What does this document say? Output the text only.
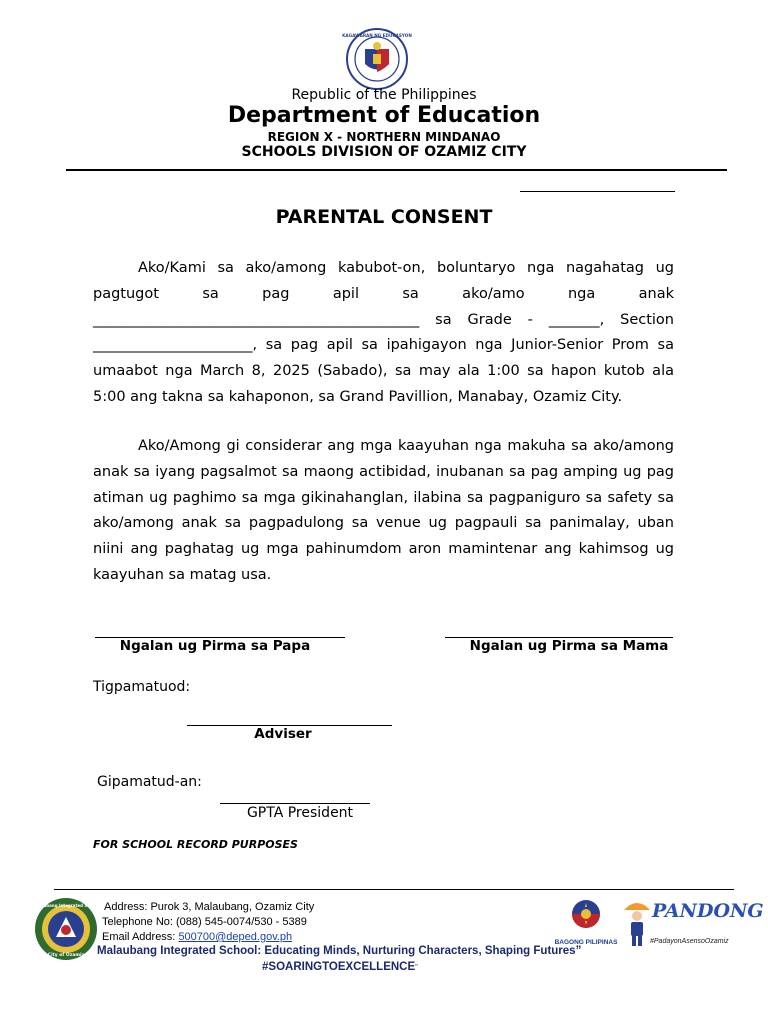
KAGAWARAN NG EDUKASYON
Republic of the Philippines
Department of Education
REGION X - NORTHERN MINDANAO
SCHOOLS DIVISION OF OZAMIZ CITY
PARENTAL CONSENT
Ako/Kami sa ako/among kabubot-on, boluntaryo nga nagahatag ug pagtugot sa pag apil sa ako/amo nga anak _____________________________________________ sa Grade - _______, Section ______________________, sa pag apil sa ipahigayon nga Junior-Senior Prom sa umaabot nga March 8, 2025 (Sabado), sa may ala 1:00 sa hapon kutob ala 5:00 ang takna sa kahaponon, sa Grand Pavillion, Manabay, Ozamiz City.
Ako/Among gi considerar ang mga kaayuhan nga makuha sa ako/among anak sa iyang pagsalmot sa maong actibidad, inubanan sa pag amping ug pag atiman ug paghimo sa mga gikinahanglan, ilabina sa pagpaniguro sa safety sa ako/among anak sa pagpadulong sa venue ug pagpauli sa panimalay, uban niini ang paghatag ug mga pahinumdom aron mamintenar ang kahimsog ug kaayuhan sa matag usa.
Ngalan ug Pirma sa Papa	Ngalan ug Pirma sa Mama
Tigpamatuod:
Adviser
Gipamatud-an:
GPTA President
FOR SCHOOL RECORD PURPOSES
Malaubang Integrated School
City of Ozamiz
Address: Purok 3, Malaubang, Ozamiz City
Telephone No: (088) 545-0074/530 - 5389
Email Address: 500700@deped.gov.ph
Malaubang Integrated School: Educating Minds, Nurturing Characters, Shaping Futures”
#SOARINGTOEXCELLENCE”
BAGONG PILIPINAS
PANDONG
#PadayonAsensoOzamiz
